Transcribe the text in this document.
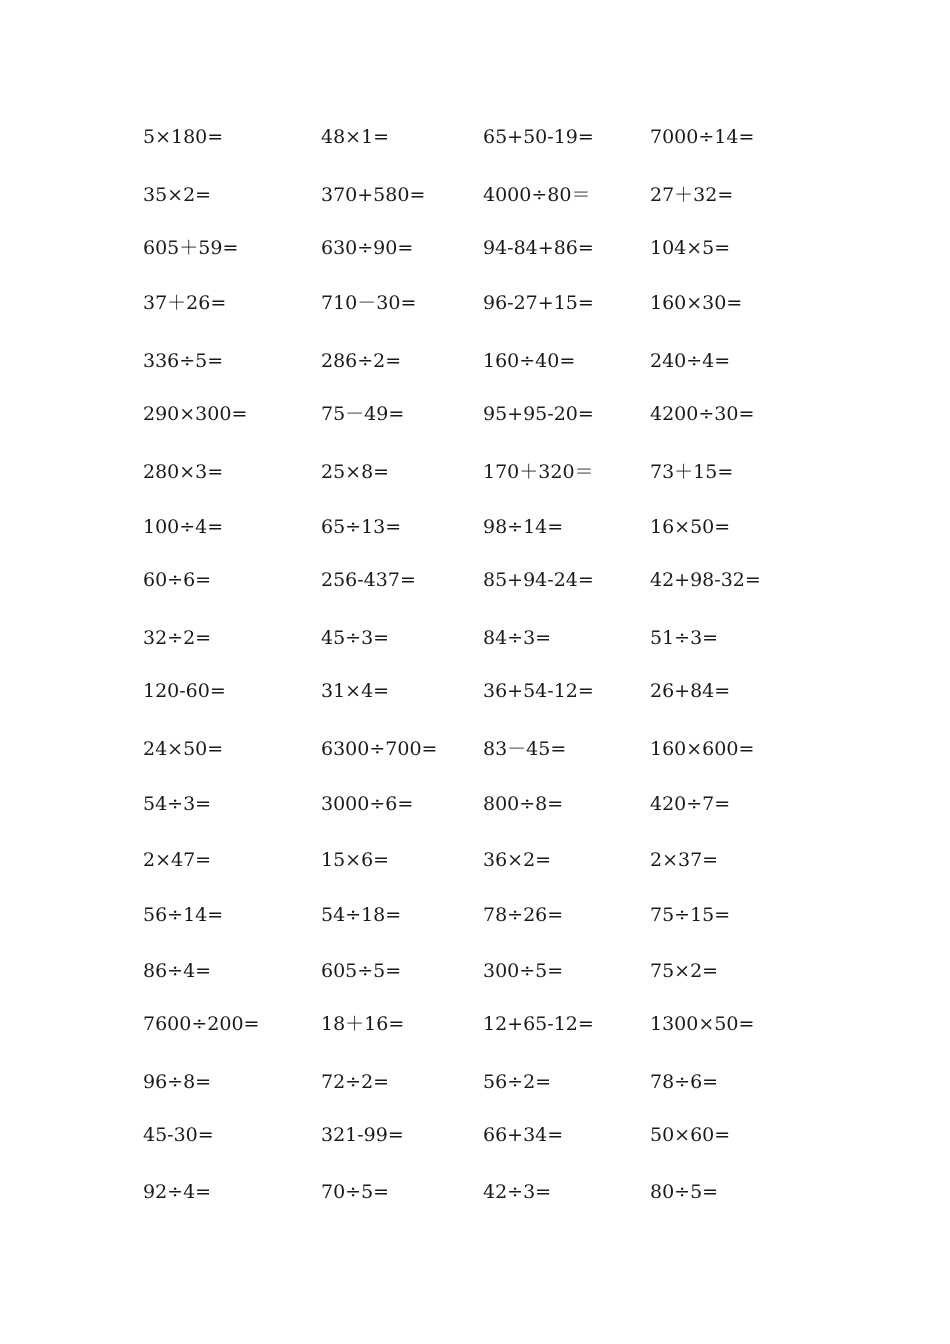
5×180=	48×1=	65+50-19=	7000÷14=
35×2=	370+580=	4000÷80＝	27＋32=
605＋59=	630÷90=	94-84+86=	104×5=
37＋26=	710－30=	96-27+15=	160×30=
336÷5=	286÷2=	160÷40=	240÷4=
290×300=	75－49=	95+95-20=	4200÷30=
280×3=	25×8=	170＋320＝	73＋15=
100÷4=	65÷13=	98÷14=	16×50=
60÷6=	256-437=	85+94-24=	42+98-32=
32÷2=	45÷3=	84÷3=	51÷3=
120-60=	31×4=	36+54-12=	26+84=
24×50=	6300÷700= 83－45=	160×600=
54÷3=	3000÷6=	800÷8=	420÷7=
2×47=	15×6=	36×2=	2×37=
56÷14=	54÷18=	78÷26=	75÷15=
86÷4=	605÷5=	300÷5=	75×2=
7600÷200=	18＋16=	12+65-12=	1300×50=
96÷8=	72÷2=	56÷2=	78÷6=
45-30=	321-99=	66+34=	50×60=
92÷4=	70÷5=	42÷3=	80÷5=
